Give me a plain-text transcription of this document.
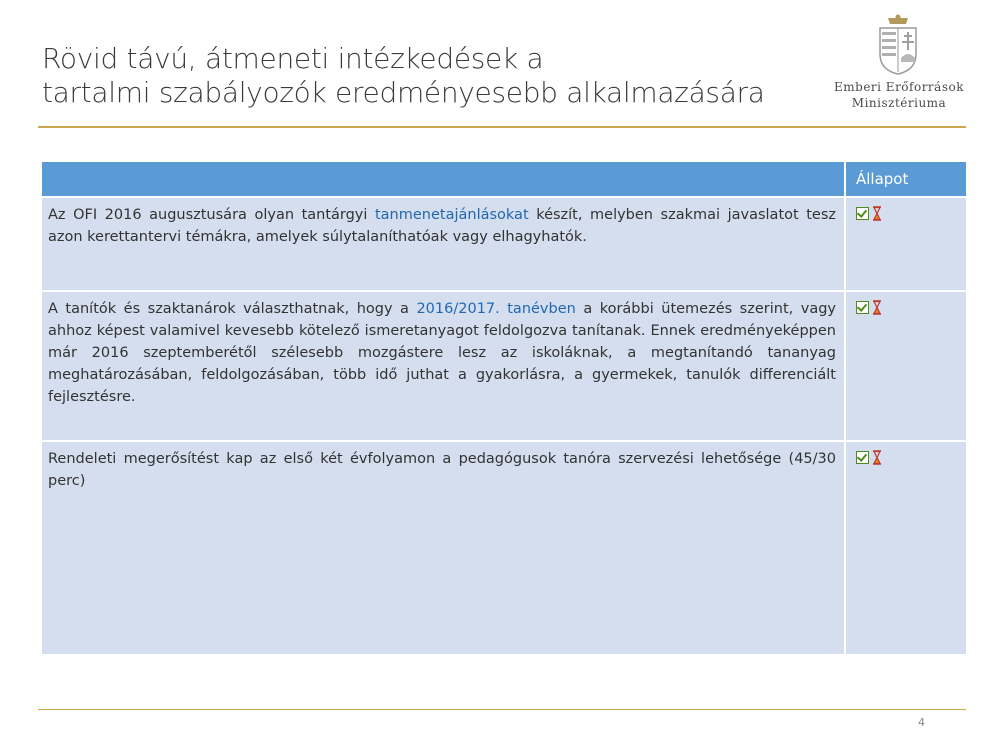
Rövid távú, átmeneti intézkedések a
tartalmi szabályozók eredményesebb alkalmazására	Emberi Erőforrások
Minisztériuma
Állapot
Az OFI 2016 augusztusára olyan tantárgyi tanmenetajánlásokat készít, melyben szakmai javaslatot tesz azon kerettantervi témákra, amelyek súlytalaníthatóak vagy elhagyhatók.
A tanítók és szaktanárok választhatnak, hogy a 2016/2017. tanévben a korábbi ütemezés szerint, vagy ahhoz képest valamivel kevesebb kötelező ismeretanyagot feldolgozva tanítanak. Ennek eredményeképpen már 2016 szeptemberétől szélesebb mozgástere lesz az iskoláknak, a megtanítandó tananyag meghatározásában, feldolgozásában, több idő juthat a gyakorlásra, a gyermekek, tanulók differenciált fejlesztésre.
Rendeleti megerősítést kap az első két évfolyamon a pedagógusok tanóra szervezési lehetősége (45/30 perc)
4
